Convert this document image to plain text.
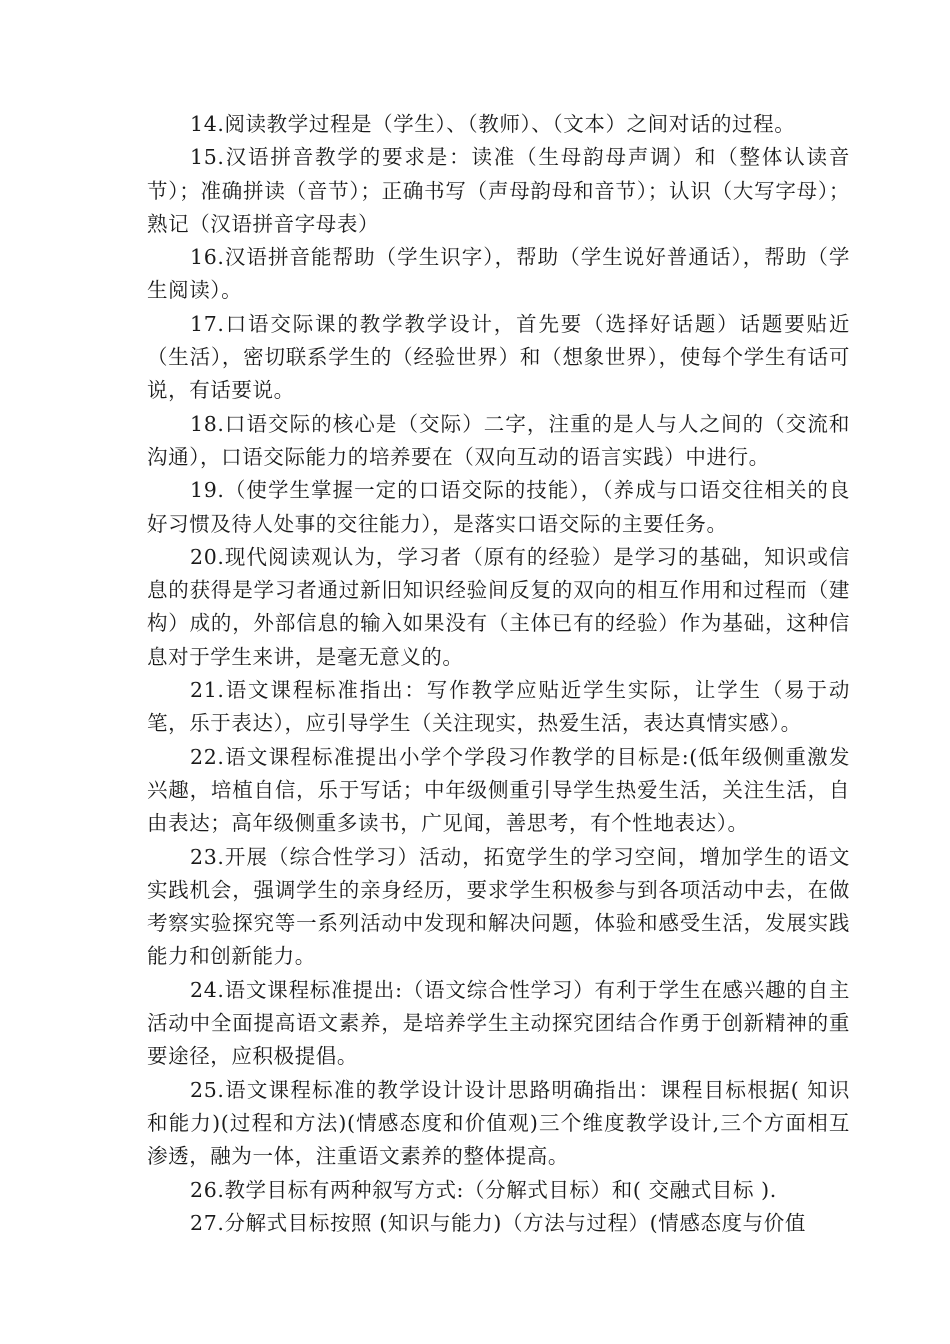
14.阅读教学过程是（学生）、（教师）、（文本）之间对话的过程。

15.汉语拼音教学的要求是：读准（生母韵母声调）和（整体认读音节）；准确拼读（音节）；正确书写（声母韵母和音节）；认识（大写字母）；熟记（汉语拼音字母表）

16.汉语拼音能帮助（学生识字），帮助（学生说好普通话），帮助（学生阅读）。

17.口语交际课的教学教学设计，首先要（选择好话题）话题要贴近（生活），密切联系学生的（经验世界）和（想象世界），使每个学生有话可说，有话要说。

18.口语交际的核心是（交际）二字，注重的是人与人之间的（交流和沟通），口语交际能力的培养要在（双向互动的语言实践）中进行。

19.（使学生掌握一定的口语交际的技能），（养成与口语交往相关的良好习惯及待人处事的交往能力），是落实口语交际的主要任务。

20.现代阅读观认为，学习者（原有的经验）是学习的基础，知识或信息的获得是学习者通过新旧知识经验间反复的双向的相互作用和过程而（建构）成的，外部信息的输入如果没有（主体已有的经验）作为基础，这种信息对于学生来讲，是毫无意义的。

21.语文课程标准指出：写作教学应贴近学生实际，让学生（易于动笔，乐于表达），应引导学生（关注现实，热爱生活，表达真情实感）。

22.语文课程标准提出小学个学段习作教学的目标是:(低年级侧重激发兴趣，培植自信，乐于写话；中年级侧重引导学生热爱生活，关注生活，自由表达；高年级侧重多读书，广见闻，善思考，有个性地表达）。

23.开展（综合性学习）活动，拓宽学生的学习空间，增加学生的语文实践机会，强调学生的亲身经历，要求学生积极参与到各项活动中去，在做考察实验探究等一系列活动中发现和解决问题，体验和感受生活，发展实践能力和创新能力。

24.语文课程标准提出:（语文综合性学习）有利于学生在感兴趣的自主活动中全面提高语文素养，是培养学生主动探究团结合作勇于创新精神的重要途径，应积极提倡。

25.语文课程标准的教学设计设计思路明确指出：课程目标根据( 知识和能力)(过程和方法)(情感态度和价值观)三个维度教学设计,三个方面相互渗透，融为一体，注重语文素养的整体提高。

26.教学目标有两种叙写方式:（分解式目标）和( 交融式目标 ).

27.分解式目标按照 (知识与能力)（方法与过程）(情感态度与价值
